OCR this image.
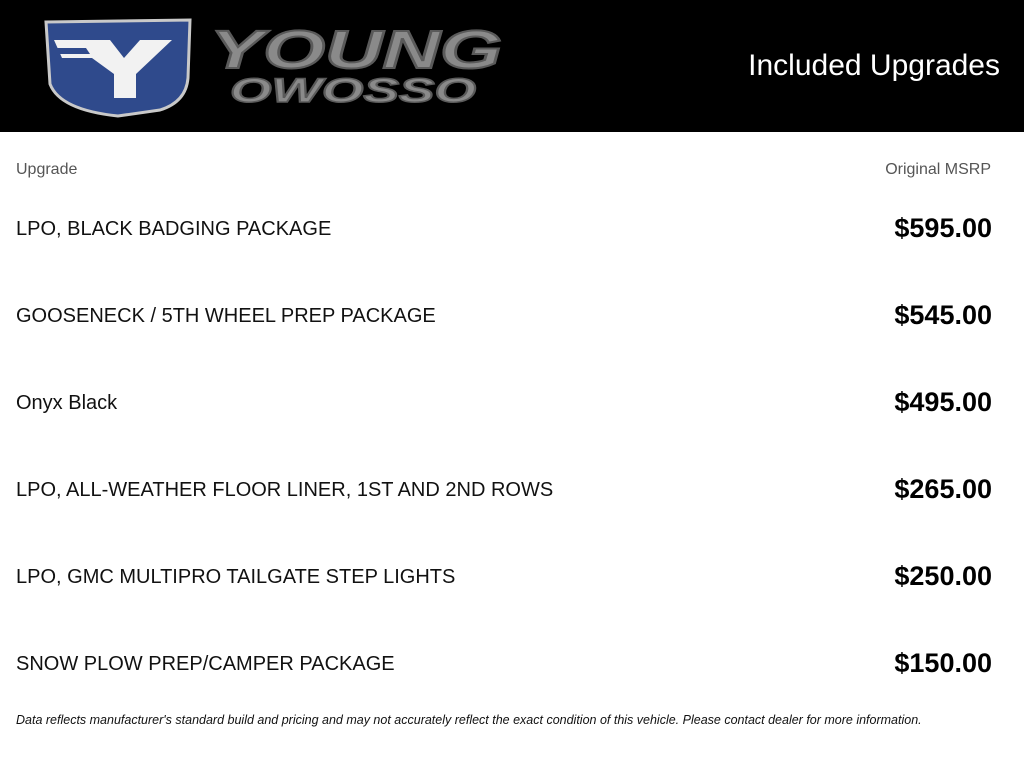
YOUNG
OWOSSO
Included Upgrades
Upgrade	Original MSRP
LPO, BLACK BADGING PACKAGE	$595.00
GOOSENECK / 5TH WHEEL PREP PACKAGE	$545.00
Onyx Black	$495.00
LPO, ALL-WEATHER FLOOR LINER, 1ST AND 2ND ROWS	$265.00
LPO, GMC MULTIPRO TAILGATE STEP LIGHTS	$250.00
SNOW PLOW PREP/CAMPER PACKAGE	$150.00
Data reflects manufacturer's standard build and pricing and may not accurately reflect the exact condition of this vehicle. Please contact dealer for more information.
